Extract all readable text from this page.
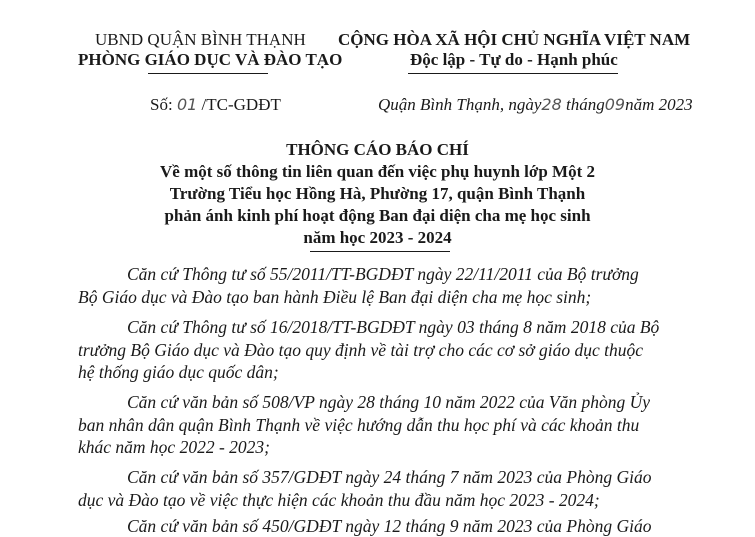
UBND QUẬN BÌNH THẠNH
PHÒNG GIÁO DỤC VÀ ĐÀO TẠO
CỘNG HÒA XÃ HỘI CHỦ NGHĨA VIỆT NAM
Độc lập - Tự do - Hạnh phúc
Số: 01 /TC-GDĐT	Quận Bình Thạnh, ngày28 tháng09năm 2023
THÔNG CÁO BÁO CHÍ
Về một số thông tin liên quan đến việc phụ huynh lớp Một 2
Trường Tiểu học Hồng Hà, Phường 17, quận Bình Thạnh
phản ánh kinh phí hoạt động Ban đại diện cha mẹ học sinh
năm học 2023 - 2024
Căn cứ Thông tư số 55/2011/TT-BGDĐT ngày 22/11/2011 của Bộ trưởng
Bộ Giáo dục và Đào tạo ban hành Điều lệ Ban đại diện cha mẹ học sinh;
Căn cứ Thông tư số 16/2018/TT-BGDĐT ngày 03 tháng 8 năm 2018 của Bộ
trưởng Bộ Giáo dục và Đào tạo quy định về tài trợ cho các cơ sở giáo dục thuộc
hệ thống giáo dục quốc dân;
Căn cứ văn bản số 508/VP ngày 28 tháng 10 năm 2022 của Văn phòng Ủy
ban nhân dân quận Bình Thạnh về việc hướng dẫn thu học phí và các khoản thu
khác năm học 2022 - 2023;
Căn cứ văn bản số 357/GDĐT ngày 24 tháng 7 năm 2023 của Phòng Giáo
dục và Đào tạo về việc thực hiện các khoản thu đầu năm học 2023 - 2024;
Căn cứ văn bản số 450/GDĐT ngày 12 tháng 9 năm 2023 của Phòng Giáo
